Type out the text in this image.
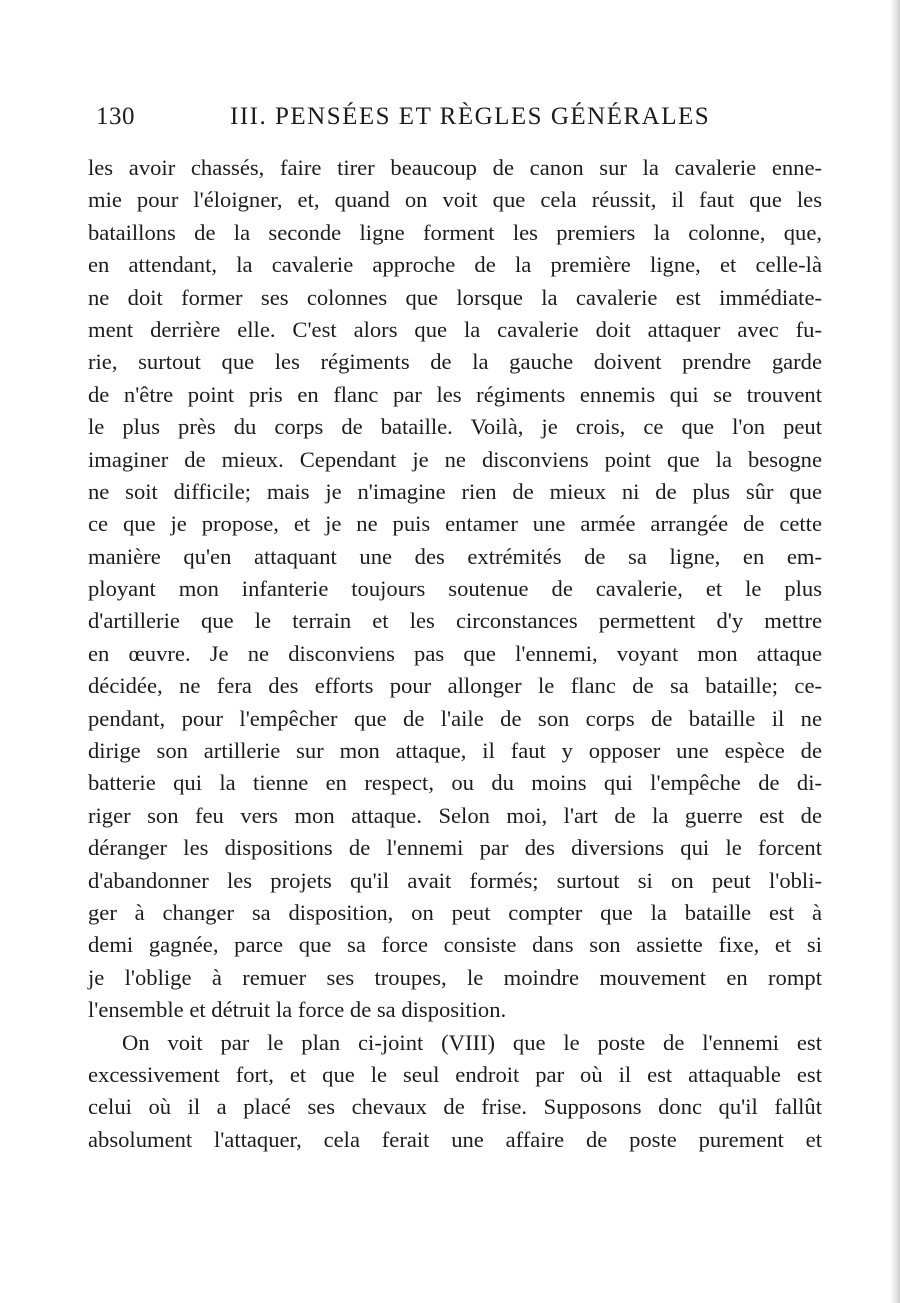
130	III. PENSÉES ET RÈGLES GÉNÉRALES
les avoir chassés, faire tirer beaucoup de canon sur la cavalerie enne-
mie pour l'éloigner, et, quand on voit que cela réussit, il faut que les
bataillons de la seconde ligne forment les premiers la colonne, que,
en attendant, la cavalerie approche de la première ligne, et celle-là
ne doit former ses colonnes que lorsque la cavalerie est immédiate-
ment derrière elle. C'est alors que la cavalerie doit attaquer avec fu-
rie, surtout que les régiments de la gauche doivent prendre garde
de n'être point pris en flanc par les régiments ennemis qui se trouvent
le plus près du corps de bataille. Voilà, je crois, ce que l'on peut
imaginer de mieux. Cependant je ne disconviens point que la besogne
ne soit difficile; mais je n'imagine rien de mieux ni de plus sûr que
ce que je propose, et je ne puis entamer une armée arrangée de cette
manière qu'en attaquant une des extrémités de sa ligne, en em-
ployant mon infanterie toujours soutenue de cavalerie, et le plus
d'artillerie que le terrain et les circonstances permettent d'y mettre
en œuvre. Je ne disconviens pas que l'ennemi, voyant mon attaque
décidée, ne fera des efforts pour allonger le flanc de sa bataille; ce-
pendant, pour l'empêcher que de l'aile de son corps de bataille il ne
dirige son artillerie sur mon attaque, il faut y opposer une espèce de
batterie qui la tienne en respect, ou du moins qui l'empêche de di-
riger son feu vers mon attaque. Selon moi, l'art de la guerre est de
déranger les dispositions de l'ennemi par des diversions qui le forcent
d'abandonner les projets qu'il avait formés; surtout si on peut l'obli-
ger à changer sa disposition, on peut compter que la bataille est à
demi gagnée, parce que sa force consiste dans son assiette fixe, et si
je l'oblige à remuer ses troupes, le moindre mouvement en rompt
l'ensemble et détruit la force de sa disposition.
On voit par le plan ci-joint (VIII) que le poste de l'ennemi est
excessivement fort, et que le seul endroit par où il est attaquable est
celui où il a placé ses chevaux de frise. Supposons donc qu'il fallût
absolument l'attaquer, cela ferait une affaire de poste purement et
